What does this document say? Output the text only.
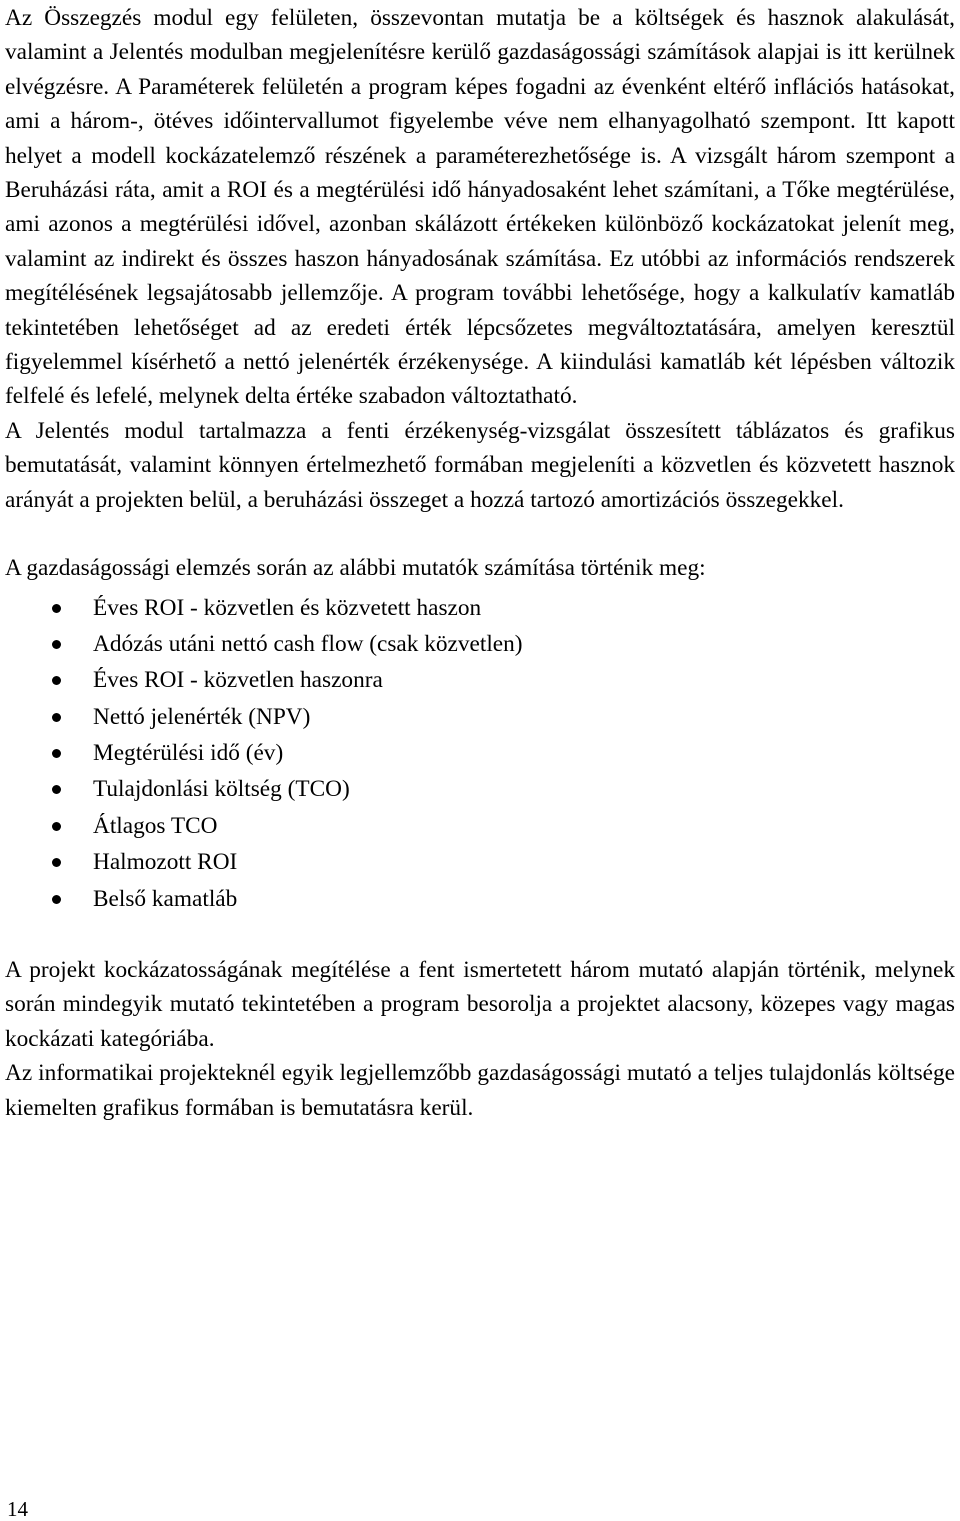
Az Összegzés modul egy felületen, összevontan mutatja be a költségek és hasznok alakulását, valamint a Jelentés modulban megjelenítésre kerülő gazdaságossági számítások alapjai is itt kerülnek elvégzésre. A Paraméterek felületén a program képes fogadni az évenként eltérő inflációs hatásokat, ami a három-, ötéves időintervallumot figyelembe véve nem elhanyagolható szempont. Itt kapott helyet a modell kockázatelemző részének a paraméterezhetősége is. A vizsgált három szempont a Beruházási ráta, amit a ROI és a megtérülési idő hányadosaként lehet számítani, a Tőke megtérülése, ami azonos a megtérülési idővel, azonban skálázott értékeken különböző kockázatokat jelenít meg, valamint az indirekt és összes haszon hányadosának számítása. Ez utóbbi az információs rendszerek megítélésének legsajátosabb jellemzője. A program további lehetősége, hogy a kalkulatív kamatláb tekintetében lehetőséget ad az eredeti érték lépcsőzetes megváltoztatására, amelyen keresztül figyelemmel kísérhető a nettó jelenérték érzékenysége. A kiindulási kamatláb két lépésben változik felfelé és lefelé, melynek delta értéke szabadon változtatható.

A Jelentés modul tartalmazza a fenti érzékenység-vizsgálat összesített táblázatos és grafikus bemutatását, valamint könnyen értelmezhető formában megjeleníti a közvetlen és közvetett hasznok arányát a projekten belül, a beruházási összeget a hozzá tartozó amortizációs összegekkel.

A gazdaságossági elemzés során az alábbi mutatók számítása történik meg:

Éves ROI - közvetlen és közvetett haszon
Adózás utáni nettó cash flow (csak közvetlen)
Éves ROI - közvetlen haszonra
Nettó jelenérték (NPV)
Megtérülési idő (év)
Tulajdonlási költség (TCO)
Átlagos TCO
Halmozott ROI
Belső kamatláb

A projekt kockázatosságának megítélése a fent ismertetett három mutató alapján történik, melynek során mindegyik mutató tekintetében a program besorolja a projektet alacsony, közepes vagy magas kockázati kategóriába.

Az informatikai projekteknél egyik legjellemzőbb gazdaságossági mutató a teljes tulajdonlás költsége kiemelten grafikus formában is bemutatásra kerül.

14
